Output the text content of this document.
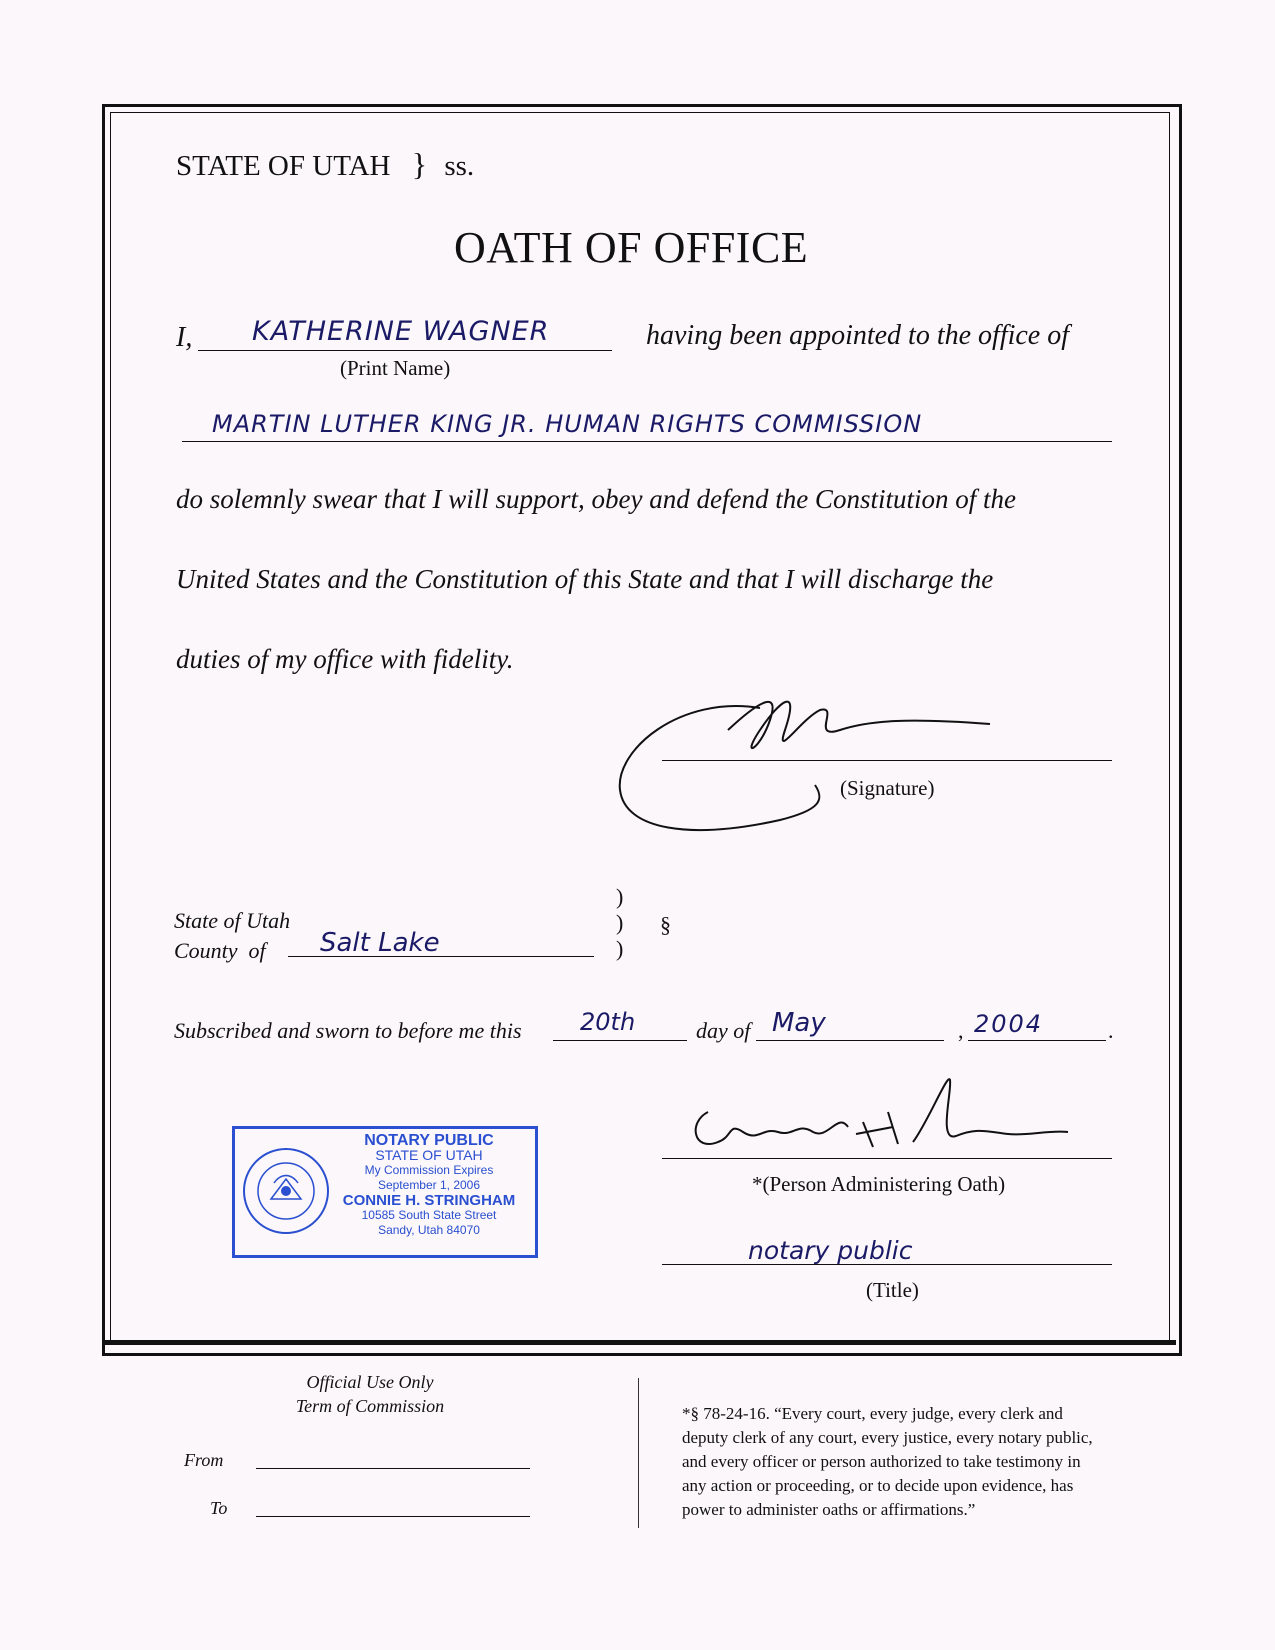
STATE OF UTAH } ss.
OATH OF OFFICE
I, KATHERINE WAGNER
(Print Name)
having been appointed to the office of
MARTIN LUTHER KING JR. HUMAN RIGHTS COMMISSION
do solemnly swear that I will support, obey and defend the Constitution of the
United States and the Constitution of this State and that I will discharge the
duties of my office with fidelity.
(Signature)
State of Utah
County  of Salt Lake
)
)
)
§
Subscribed and sworn to before me this 20th	day of May	, 2004	.
NOTARY PUBLIC
STATE OF UTAH
My Commission Expires
September 1, 2006
CONNIE H. STRINGHAM
10585 South State Street
Sandy, Utah 84070
*(Person Administering Oath)
notary public
(Title)
Official Use Only
Term of Commission
From
To
*§ 78-24-16. “Every court, every judge, every clerk and
deputy clerk of any court, every justice, every notary public,
and every officer or person authorized to take testimony in
any action or proceeding, or to decide upon evidence, has
power to administer oaths or affirmations.”
